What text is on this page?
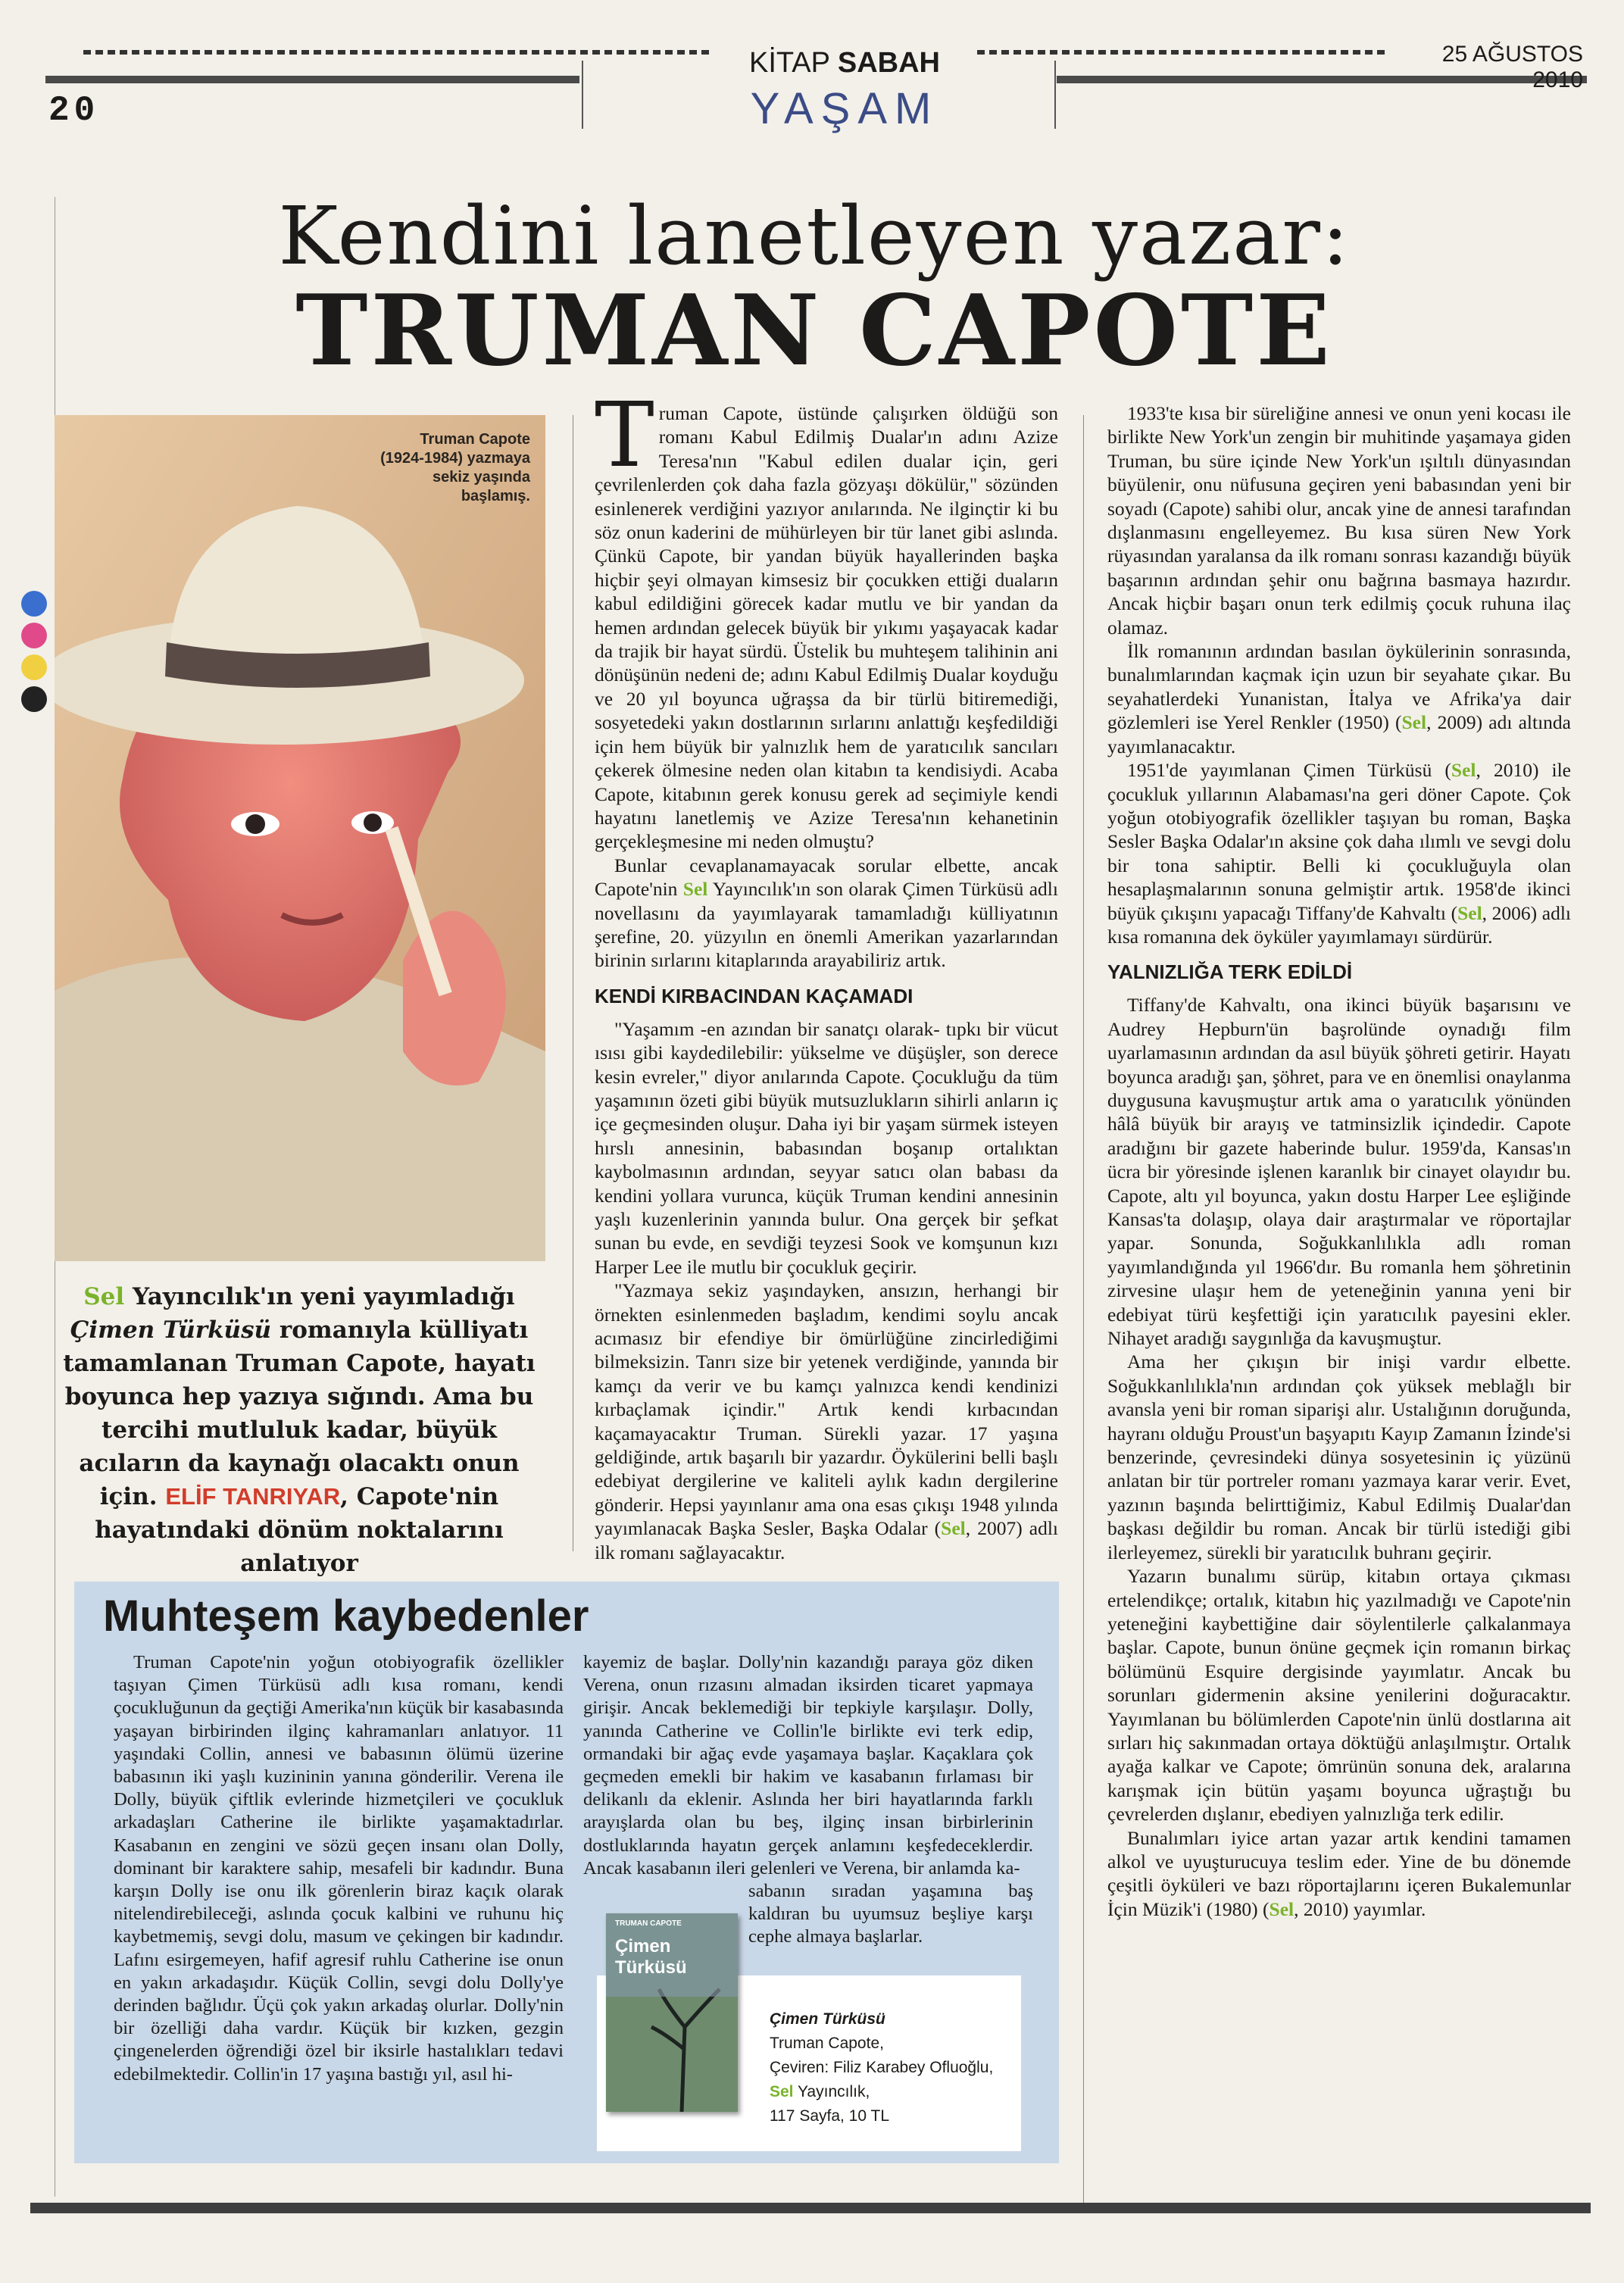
20
KİTAP SABAH
YAŞAM
25 AĞUSTOS 2010
Kendini lanetleyen yazar:
TRUMAN CAPOTE
Truman Capote (1924-1984) yazmaya sekiz yaşında başlamış.
Sel Yayıncılık'ın yeni yayımladığı Çimen Türküsü romanıyla külliyatı tamamlanan Truman Capote, hayatı boyunca hep yazıya sığındı. Ama bu tercihi mutluluk kadar, büyük acıların da kaynağı olacaktı onun için. ELİF TANRIYAR, Capote'nin hayatındaki dönüm noktalarını anlatıyor

Truman Capote, üstünde çalışırken öldüğü son romanı Kabul Edilmiş Dualar'ın adını Azize Teresa'nın "Kabul edilen dualar için, geri çevrilenlerden çok daha fazla gözyaşı dökülür," sözünden esinlenerek verdiğini yazıyor anılarında. Ne ilginçtir ki bu söz onun kaderini de mühürleyen bir tür lanet gibi aslında. Çünkü Capote, bir yandan büyük hayallerinden başka hiçbir şeyi olmayan kimsesiz bir çocukken ettiği duaların kabul edildiğini görecek kadar mutlu ve bir yandan da hemen ardından gelecek büyük bir yıkımı yaşayacak kadar da trajik bir hayat sürdü. Üstelik bu muhteşem talihinin ani dönüşünün nedeni de; adını Kabul Edilmiş Dualar koyduğu ve 20 yıl boyunca uğraşsa da bir türlü bitiremediği, sosyetedeki yakın dostlarının sırlarını anlattığı keşfedildiği için hem büyük bir yalnızlık hem de yaratıcılık sancıları çekerek ölmesine neden olan kitabın ta kendisiydi. Acaba Capote, kitabının gerek konusu gerek ad seçimiyle kendi hayatını lanetlemiş ve Azize Teresa'nın kehanetinin gerçekleşmesine mi neden olmuştu?

Bunlar cevaplanamayacak sorular elbette, ancak Capote'nin Sel Yayıncılık'ın son olarak Çimen Türküsü adlı novellasını da yayımlayarak tamamladığı külliyatının şerefine, 20. yüzyılın en önemli Amerikan yazarlarından birinin sırlarını kitaplarında arayabiliriz artık.

KENDİ KIRBACINDAN KAÇAMADI

"Yaşamım -en azından bir sanatçı olarak- tıpkı bir vücut ısısı gibi kaydedilebilir: yükselme ve düşüşler, son derece kesin evreler," diyor anılarında Capote. Çocukluğu da tüm yaşamının özeti gibi büyük mutsuzlukların sihirli anların iç içe geçmesinden oluşur. Daha iyi bir yaşam sürmek isteyen hırslı annesinin, babasından boşanıp ortalıktan kaybolmasının ardından, seyyar satıcı olan babası da kendini yollara vurunca, küçük Truman kendini annesinin yaşlı kuzenlerinin yanında bulur. Ona gerçek bir şefkat sunan bu evde, en sevdiği teyzesi Sook ve komşunun kızı Harper Lee ile mutlu bir çocukluk geçirir.

"Yazmaya sekiz yaşındayken, ansızın, herhangi bir örnekten esinlenmeden başladım, kendimi soylu ancak acımasız bir efendiye bir ömürlüğüne zincirlediğimi bilmeksizin. Tanrı size bir yetenek verdiğinde, yanında bir kamçı da verir ve bu kamçı yalnızca kendi kendinizi kırbaçlamak içindir." Artık kendi kırbacından kaçamayacaktır Truman. Sürekli yazar. 17 yaşına geldiğinde, artık başarılı bir yazardır. Öykülerini belli başlı edebiyat dergilerine ve kaliteli aylık kadın dergilerine gönderir. Hepsi yayınlanır ama ona esas çıkışı 1948 yılında yayımlanacak Başka Sesler, Başka Odalar (Sel, 2007) adlı ilk romanı sağlayacaktır.

1933'te kısa bir süreliğine annesi ve onun yeni kocası ile birlikte New York'un zengin bir muhitinde yaşamaya giden Truman, bu süre içinde New York'un ışıltılı dünyasından büyülenir, onu nüfusuna geçiren yeni babasından yeni bir soyadı (Capote) sahibi olur, ancak yine de annesi tarafından dışlanmasını engelleyemez. Bu kısa süren New York rüyasından yaralansa da ilk romanı sonrası kazandığı büyük başarının ardından şehir onu bağrına basmaya hazırdır. Ancak hiçbir başarı onun terk edilmiş çocuk ruhuna ilaç olamaz.

İlk romanının ardından basılan öykülerinin sonrasında, bunalımlarından kaçmak için uzun bir seyahate çıkar. Bu seyahatlerdeki Yunanistan, İtalya ve Afrika'ya dair gözlemleri ise Yerel Renkler (1950) (Sel, 2009) adı altında yayımlanacaktır.

1951'de yayımlanan Çimen Türküsü (Sel, 2010) ile çocukluk yıllarının Alabaması'na geri döner Capote. Çok yoğun otobiyografik özellikler taşıyan bu roman, Başka Sesler Başka Odalar'ın aksine çok daha ılımlı ve sevgi dolu bir tona sahiptir. Belli ki çocukluğuyla olan hesaplaşmalarının sonuna gelmiştir artık. 1958'de ikinci büyük çıkışını yapacağı Tiffany'de Kahvaltı (Sel, 2006) adlı kısa romanına dek öyküler yayımlamayı sürdürür.

YALNIZLIĞA TERK EDİLDİ

Tiffany'de Kahvaltı, ona ikinci büyük başarısını ve Audrey Hepburn'ün başrolünde oynadığı film uyarlamasının ardından da asıl büyük şöhreti getirir. Hayatı boyunca aradığı şan, şöhret, para ve en önemlisi onaylanma duygusuna kavuşmuştur artık ama o yaratıcılık yönünden hâlâ büyük bir arayış ve tatminsizlik içindedir. Capote aradığını bir gazete haberinde bulur. 1959'da, Kansas'ın ücra bir yöresinde işlenen karanlık bir cinayet olayıdır bu. Capote, altı yıl boyunca, yakın dostu Harper Lee eşliğinde Kansas'ta dolaşıp, olaya dair araştırmalar ve röportajlar yapar. Sonunda, Soğukkanlılıkla adlı roman yayımlandığında yıl 1966'dır. Bu romanla hem şöhretinin zirvesine ulaşır hem de yeteneğinin yanına yeni bir edebiyat türü keşfettiği için yaratıcılık payesini ekler. Nihayet aradığı saygınlığa da kavuşmuştur.

Ama her çıkışın bir inişi vardır elbette. Soğukkanlılıkla'nın ardından çok yüksek meblağlı bir avansla yeni bir roman siparişi alır. Ustalığının doruğunda, hayranı olduğu Proust'un başyapıtı Kayıp Zamanın İzinde'si benzerinde, çevresindeki dünya sosyetesinin iç yüzünü anlatan bir tür portreler romanı yazmaya karar verir. Evet, yazının başında belirttiğimiz, Kabul Edilmiş Dualar'dan başkası değildir bu roman. Ancak bir türlü istediği gibi ilerleyemez, sürekli bir yaratıcılık buhranı geçirir.

Yazarın bunalımı sürüp, kitabın ortaya çıkması ertelendikçe; ortalık, kitabın hiç yazılmadığı ve Capote'nin yeteneğini kaybettiğine dair söylentilerle çalkalanmaya başlar. Capote, bunun önüne geçmek için romanın birkaç bölümünü Esquire dergisinde yayımlatır. Ancak bu sorunları gidermenin aksine yenilerini doğuracaktır. Yayımlanan bu bölümlerden Capote'nin ünlü dostlarına ait sırları hiç sakınmadan ortaya döktüğü anlaşılmıştır. Ortalık ayağa kalkar ve Capote; ömrünün sonuna dek, aralarına karışmak için bütün yaşamı boyunca uğraştığı bu çevrelerden dışlanır, ebediyen yalnızlığa terk edilir.

Bunalımları iyice artan yazar artık kendini tamamen alkol ve uyuşturucuya teslim eder. Yine de bu dönemde çeşitli öyküleri ve bazı röportajlarını içeren Bukalemunlar İçin Müzik'i (1980) (Sel, 2010) yayımlar.

Muhteşem kaybedenler

Truman Capote'nin yoğun otobiyografik özellikler taşıyan Çimen Türküsü adlı kısa romanı, kendi çocukluğunun da geçtiği Amerika'nın küçük bir kasabasında yaşayan birbirinden ilginç kahramanları anlatıyor. 11 yaşındaki Collin, annesi ve babasının ölümü üzerine babasının iki yaşlı kuzininin yanına gönderilir. Verena ile Dolly, büyük çiftlik evlerinde hizmetçileri ve çocukluk arkadaşları Catherine ile birlikte yaşamaktadırlar. Kasabanın en zengini ve sözü geçen insanı olan Dolly, dominant bir karaktere sahip, mesafeli bir kadındır. Buna karşın Dolly ise onu ilk görenlerin biraz kaçık olarak nitelendirebileceği, aslında çocuk kalbini ve ruhunu hiç kaybetmemiş, sevgi dolu, masum ve çekingen bir kadındır. Lafını esirgemeyen, hafif agresif ruhlu Catherine ise onun en yakın arkadaşıdır. Küçük Collin, sevgi dolu Dolly'ye derinden bağlıdır. Üçü çok yakın arkadaş olurlar. Dolly'nin bir özelliği daha vardır. Küçük bir kızken, gezgin çingenelerden öğrendiği özel bir iksirle hastalıkları tedavi edebilmektedir. Collin'in 17 yaşına bastığı yıl, asıl hi-

kayemiz de başlar. Dolly'nin kazandığı paraya göz diken Verena, onun rızasını almadan iksirden ticaret yapmaya girişir. Ancak beklemediği bir tepkiyle karşılaşır. Dolly, yanında Catherine ve Collin'le birlikte evi terk edip, ormandaki bir ağaç evde yaşamaya başlar. Kaçaklara çok geçmeden emekli bir hakim ve kasabanın fırlaması bir delikanlı da eklenir. Aslında her biri hayatlarında farklı arayışlarda olan bu beş, ilginç insan birbirlerinin dostluklarında hayatın gerçek anlamını keşfedeceklerdir. Ancak kasabanın ileri gelenleri ve Verena, bir anlamda ka-

sabanın sıradan yaşamına baş kaldıran bu uyumsuz beşliye karşı cephe almaya başlarlar.

TRUMAN CAPOTE
Çimen Türküsü
Çimen Türküsü
Truman Capote,
Çeviren: Filiz Karabey Ofluoğlu,
Sel Yayıncılık,
117 Sayfa, 10 TL
